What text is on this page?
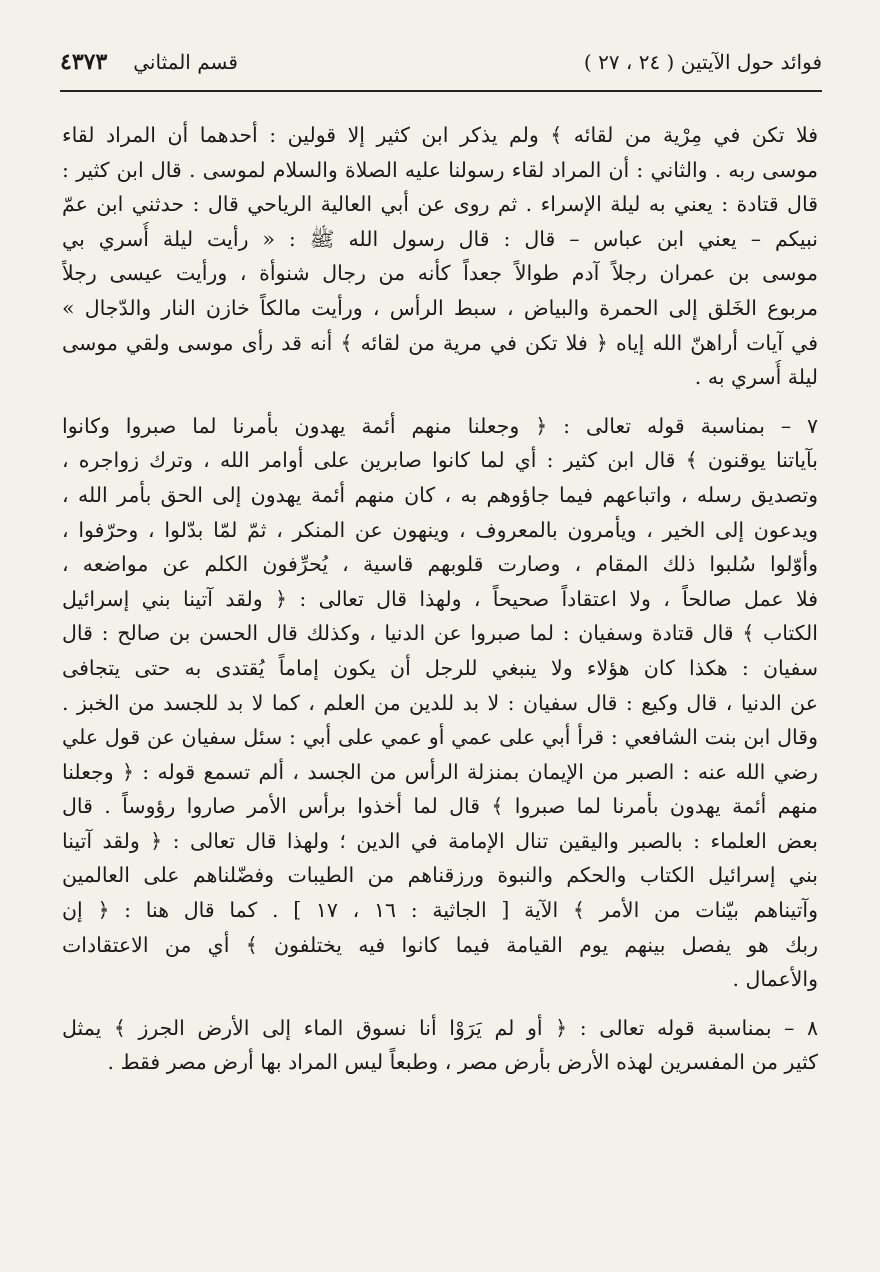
فوائد حول الآيتين ( ٢٤ ، ٢٧ )
قسم المثاني
٤٣٧٣
فلا تكن في مِرْية من لقائه ﴾ ولم يذكر ابن كثير إلا قولين : أحدهما أن المراد لقاء
موسى ربه . والثاني : أن المراد لقاء رسولنا عليه الصلاة والسلام لموسى . قال ابن كثير :
قال قتادة : يعني به ليلة الإسراء . ثم روى عن أبي العالية الرياحي قال : حدثني ابن عمّ
نبيكم – يعني ابن عباس – قال : قال رسول الله ﷺ : « رأيت ليلة أُسري بي
موسى بن عمران رجلاً آدم طوالاً جعداً كأنه من رجال شنوأة ، ورأيت عيسى رجلاً
مربوع الخَلق إلى الحمرة والبياض ، سبط الرأس ، ورأيت مالكاً خازن النار والدّجال »
في آيات أراهنّ الله إياه ﴿ فلا تكن في مرية من لقائه ﴾ أنه قد رأى موسى ولقي موسى
ليلة أُسري به .
٧ – بمناسبة قوله تعالى : ﴿ وجعلنا منهم أئمة يهدون بأمرنا لما صبروا وكانوا
بآياتنا يوقنون ﴾ قال ابن كثير : أي لما كانوا صابرين على أوامر الله ، وترك زواجره ،
وتصديق رسله ، واتباعهم فيما جاؤوهم به ، كان منهم أئمة يهدون إلى الحق بأمر الله ،
ويدعون إلى الخير ، ويأمرون بالمعروف ، وينهون عن المنكر ، ثمّ لمّا بدّلوا ، وحرّفوا ،
وأوّلوا سُلبوا ذلك المقام ، وصارت قلوبهم قاسية ، يُحرِّفون الكلم عن مواضعه ،
فلا عمل صالحاً ، ولا اعتقاداً صحيحاً ، ولهذا قال تعالى : ﴿ ولقد آتينا بني إسرائيل
الكتاب ﴾ قال قتادة وسفيان : لما صبروا عن الدنيا ، وكذلك قال الحسن بن صالح : قال
سفيان : هكذا كان هؤلاء ولا ينبغي للرجل أن يكون إماماً يُقتدى به حتى يتجافى
عن الدنيا ، قال وكيع : قال سفيان : لا بد للدين من العلم ، كما لا بد للجسد من الخبز .
وقال ابن بنت الشافعي : قرأ أبي على عمي أو عمي على أبي : سئل سفيان عن قول علي
رضي الله عنه : الصبر من الإيمان بمنزلة الرأس من الجسد ، ألم تسمع قوله : ﴿ وجعلنا
منهم أئمة يهدون بأمرنا لما صبروا ﴾ قال لما أخذوا برأس الأمر صاروا رؤوساً . قال
بعض العلماء : بالصبر واليقين تنال الإمامة في الدين ؛ ولهذا قال تعالى : ﴿ ولقد آتينا
بني إسرائيل الكتاب والحكم والنبوة ورزقناهم من الطيبات وفضّلناهم على العالمين
وآتيناهم بيّنات من الأمر ﴾ الآية [ الجاثية : ١٦ ، ١٧ ] . كما قال هنا : ﴿ إن
ربك هو يفصل بينهم يوم القيامة فيما كانوا فيه يختلفون ﴾ أي من الاعتقادات
والأعمال .
٨ – بمناسبة قوله تعالى : ﴿ أو لم يَرَوْا أنا نسوق الماء إلى الأرض الجرز ﴾ يمثل
كثير من المفسرين لهذه الأرض بأرض مصر ، وطبعاً ليس المراد بها أرض مصر فقط .
